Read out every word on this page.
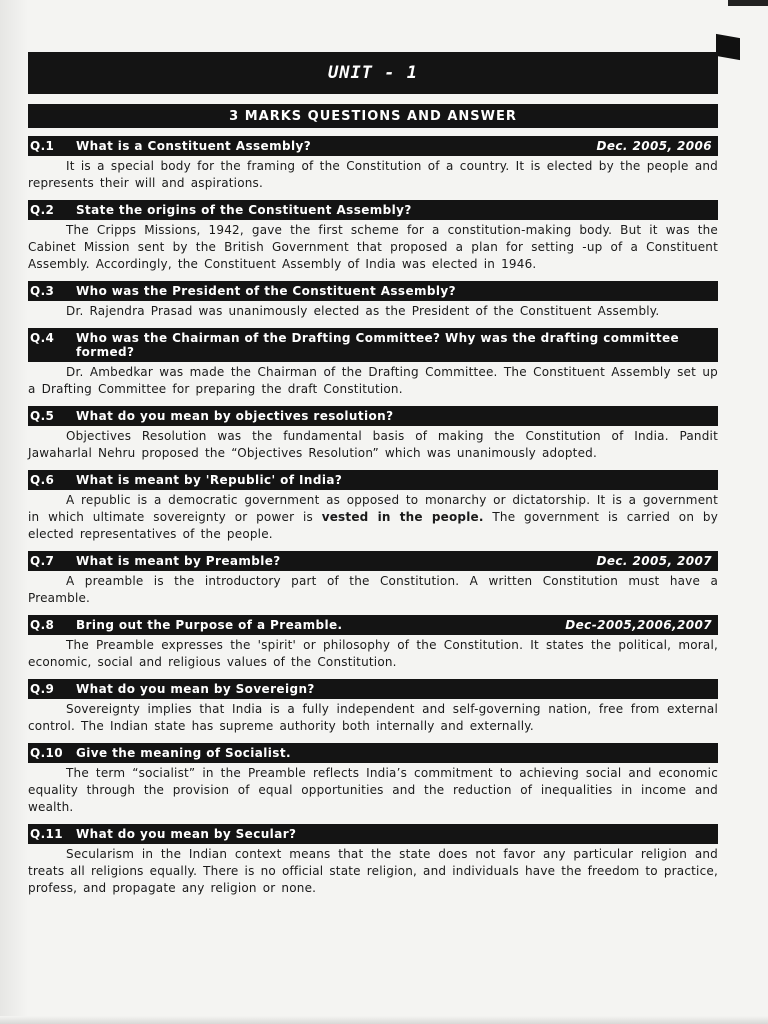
UNIT - 1
3 MARKS QUESTIONS AND ANSWER
Q.1	What is a Constituent Assembly?	Dec. 2005, 2006

It is a special body for the framing of the Constitution of a country. It is elected by the people and represents their will and aspirations.

Q.2	State the origins of the Constituent Assembly?

The Cripps Missions, 1942, gave the first scheme for a constitution-making body. But it was the Cabinet Mission sent by the British Government that proposed a plan for setting -up of a Constituent Assembly. Accordingly, the Constituent Assembly of India was elected in 1946.

Q.3	Who was the President of the Constituent Assembly?

Dr. Rajendra Prasad was unanimously elected as the President of the Constituent Assembly.

Q.4	Who was the Chairman of the Drafting Committee? Why was the drafting committee formed?

Dr. Ambedkar was made the Chairman of the Drafting Committee. The Constituent Assembly set up a Drafting Committee for preparing the draft Constitution.

Q.5	What do you mean by objectives resolution?

Objectives Resolution was the fundamental basis of making the Constitution of India. Pandit Jawaharlal Nehru proposed the “Objectives Resolution” which was unanimously adopted.

Q.6	What is meant by 'Republic' of India?

A republic is a democratic government as opposed to monarchy or dictatorship. It is a government in which ultimate sovereignty or power is vested in the people. The government is carried on by elected representatives of the people.

Q.7	What is meant by Preamble?	Dec. 2005, 2007

A preamble is the introductory part of the Constitution. A written Constitution must have a Preamble.

Q.8	Bring out the Purpose of a Preamble.	Dec-2005,2006,2007

The Preamble expresses the 'spirit' or philosophy of the Constitution. It states the political, moral, economic, social and religious values of the Constitution.

Q.9	What do you mean by Sovereign?

Sovereignty implies that India is a fully independent and self-governing nation, free from external control. The Indian state has supreme authority both internally and externally.

Q.10	Give the meaning of Socialist.

The term “socialist” in the Preamble reflects India’s commitment to achieving social and economic equality through the provision of equal opportunities and the reduction of inequalities in income and wealth.

Q.11	What do you mean by Secular?

Secularism in the Indian context means that the state does not favor any particular religion and treats all religions equally. There is no official state religion, and individuals have the freedom to practice, profess, and propagate any religion or none.
